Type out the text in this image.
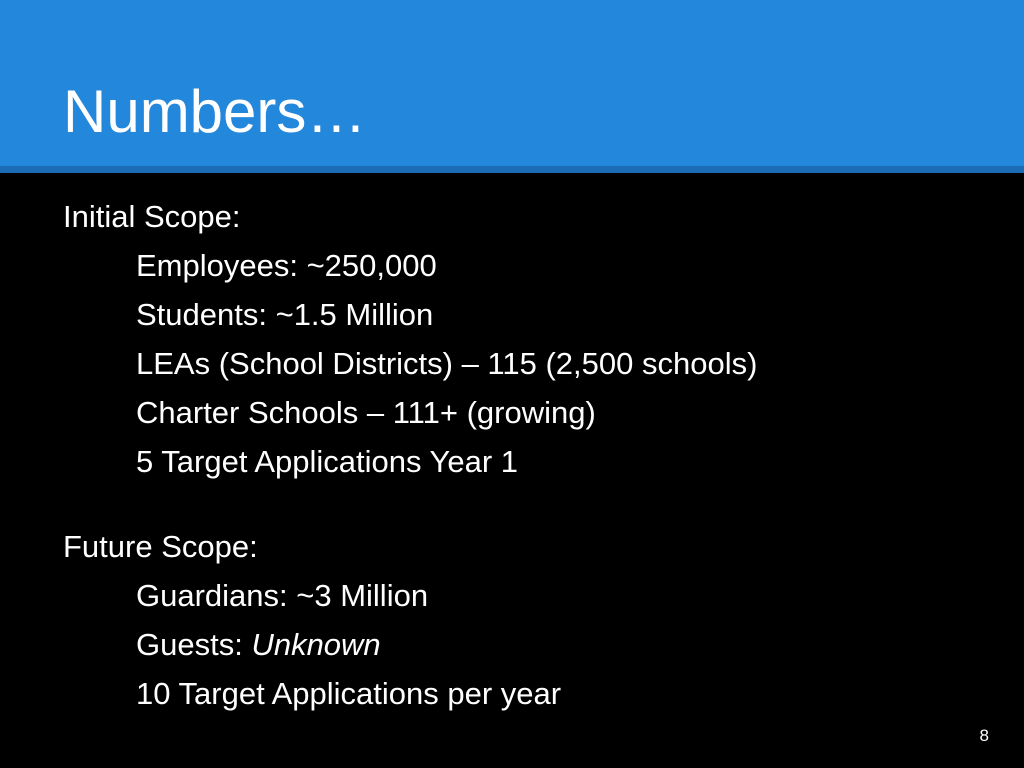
Numbers…

Initial Scope:

Employees: ~250,000

Students: ~1.5 Million

LEAs (School Districts) – 115 (2,500 schools)

Charter Schools – 111+ (growing)

5 Target Applications Year 1

Future Scope:

Guardians: ~3 Million

Guests: Unknown

10 Target Applications per year

8
